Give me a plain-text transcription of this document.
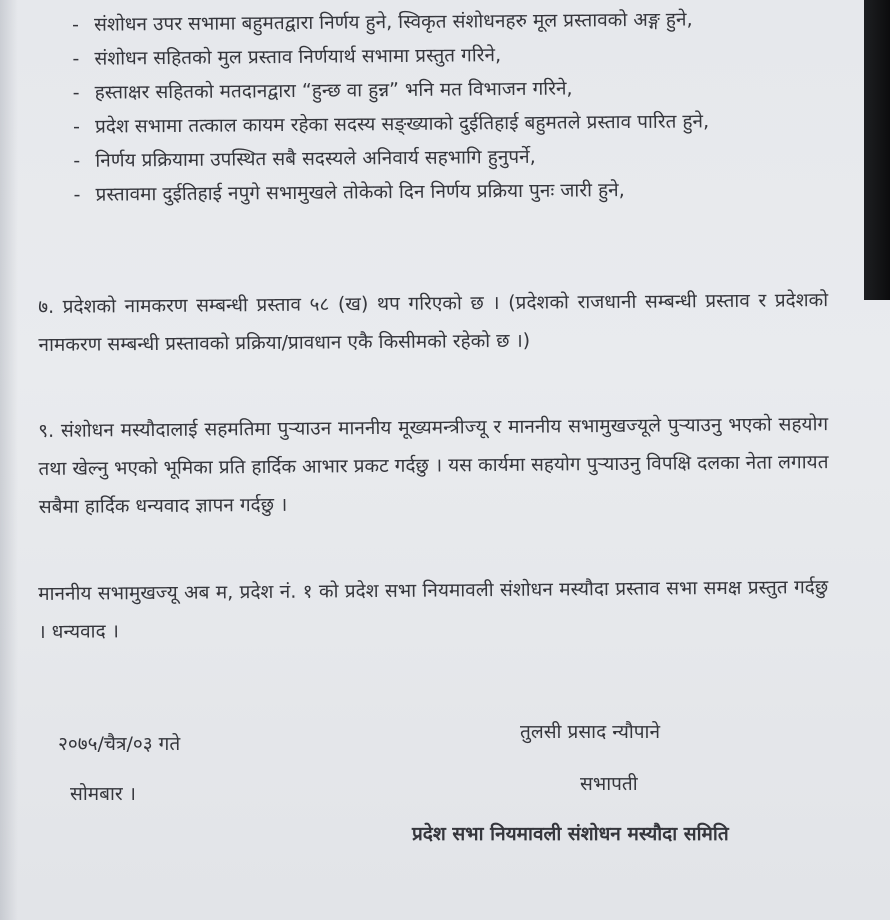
- संशोधन उपर सभामा बहुमतद्वारा निर्णय हुने, स्विकृत संशोधनहरु मूल प्रस्तावको अङ्ग हुने,
- संशोधन सहितको मुल प्रस्ताव निर्णयार्थ सभामा प्रस्तुत गरिने,
- हस्ताक्षर सहितको मतदानद्वारा “हुन्छ वा हुन्न” भनि मत विभाजन गरिने,
- प्रदेश सभामा तत्काल कायम रहेका सदस्य सङ्ख्याको दुईतिहाई बहुमतले प्रस्ताव पारित हुने,
- निर्णय प्रक्रियामा उपस्थित सबै सदस्यले अनिवार्य सहभागि हुनुपर्ने,
- प्रस्तावमा दुईतिहाई नपुगे सभामुखले तोकेको दिन निर्णय प्रक्रिया पुनः जारी हुने,

७. प्रदेशको नामकरण सम्बन्धी प्रस्ताव ५८ (ख) थप गरिएको छ । (प्रदेशको राजधानी सम्बन्धी प्रस्ताव र प्रदेशको नामकरण सम्बन्धी प्रस्तावको प्रक्रिया/प्रावधान एकै किसीमको रहेको छ ।)

९. संशोधन मस्यौदालाई सहमतिमा पुर्‍याउन माननीय मूख्यमन्त्रीज्यू र माननीय सभामुखज्यूले पुर्‍याउनु भएको सहयोग तथा खेल्नु भएको भूमिका प्रति हार्दिक आभार प्रकट गर्दछु । यस कार्यमा सहयोग पुर्‍याउनु विपक्षि दलका नेता लगायत सबैमा हार्दिक धन्यवाद ज्ञापन गर्दछु ।

माननीय सभामुखज्यू अब म, प्रदेश नं. १ को प्रदेश सभा नियमावली संशोधन मस्यौदा प्रस्ताव सभा समक्ष प्रस्तुत गर्दछु । धन्यवाद ।

२०७५/चैत्र/०३ गते
सोमबार ।
तुलसी प्रसाद न्यौपाने
सभापती
प्रदेश सभा नियमावली संशोधन मस्यौदा समिति
